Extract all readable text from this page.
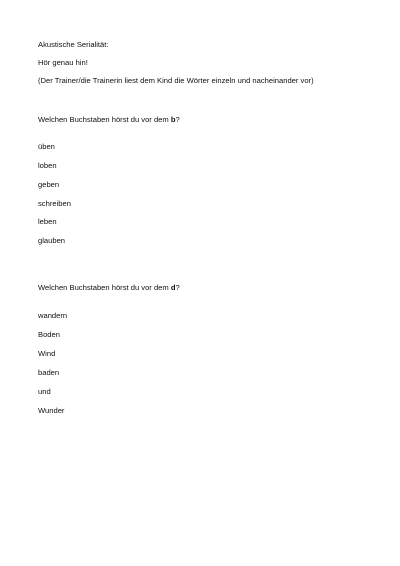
Akustische Serialität:

Hör genau hin!

(Der Trainer/die Trainerin liest dem Kind die Wörter einzeln und nacheinander vor)

Welchen Buchstaben hörst du vor dem b?

üben

loben

geben

schreiben

leben

glauben

Welchen Buchstaben hörst du vor dem d?

wandern

Boden

Wind

baden

und

Wunder
